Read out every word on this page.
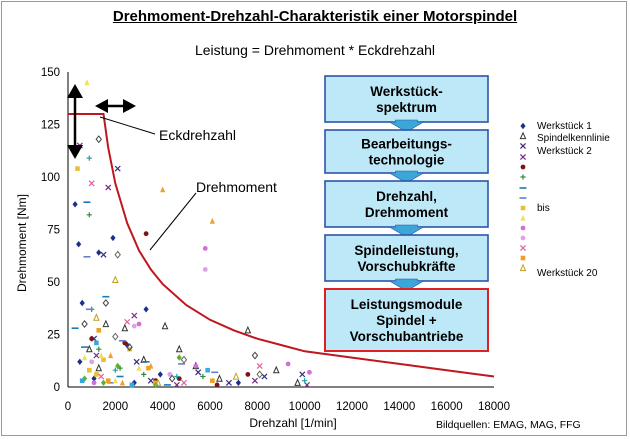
Drehmoment-Drehzahl-Charakteristik einer Motorspindel
Leistung = Drehmoment * Eckdrehzahl
Bildquellen: EMAG, MAG, FFG
0
25
50
75
100
125
150
0	2000 4000 6000 8000 10000 12000 14000 16000 18000
Drehmoment [Nm]
Drehzahl [1/min]
Eckdrehzahl
Drehmoment
Werkstück-
spektrum
Bearbeitungs-
technologie
Drehzahl,
Drehmoment
Spindelleistung,
Vorschubkräfte
Leistungsmodule
Spindel +
Vorschubantriebe
Werkstück 1
Spindelkennlinie
Werkstück 2
bis
Werkstück 20
